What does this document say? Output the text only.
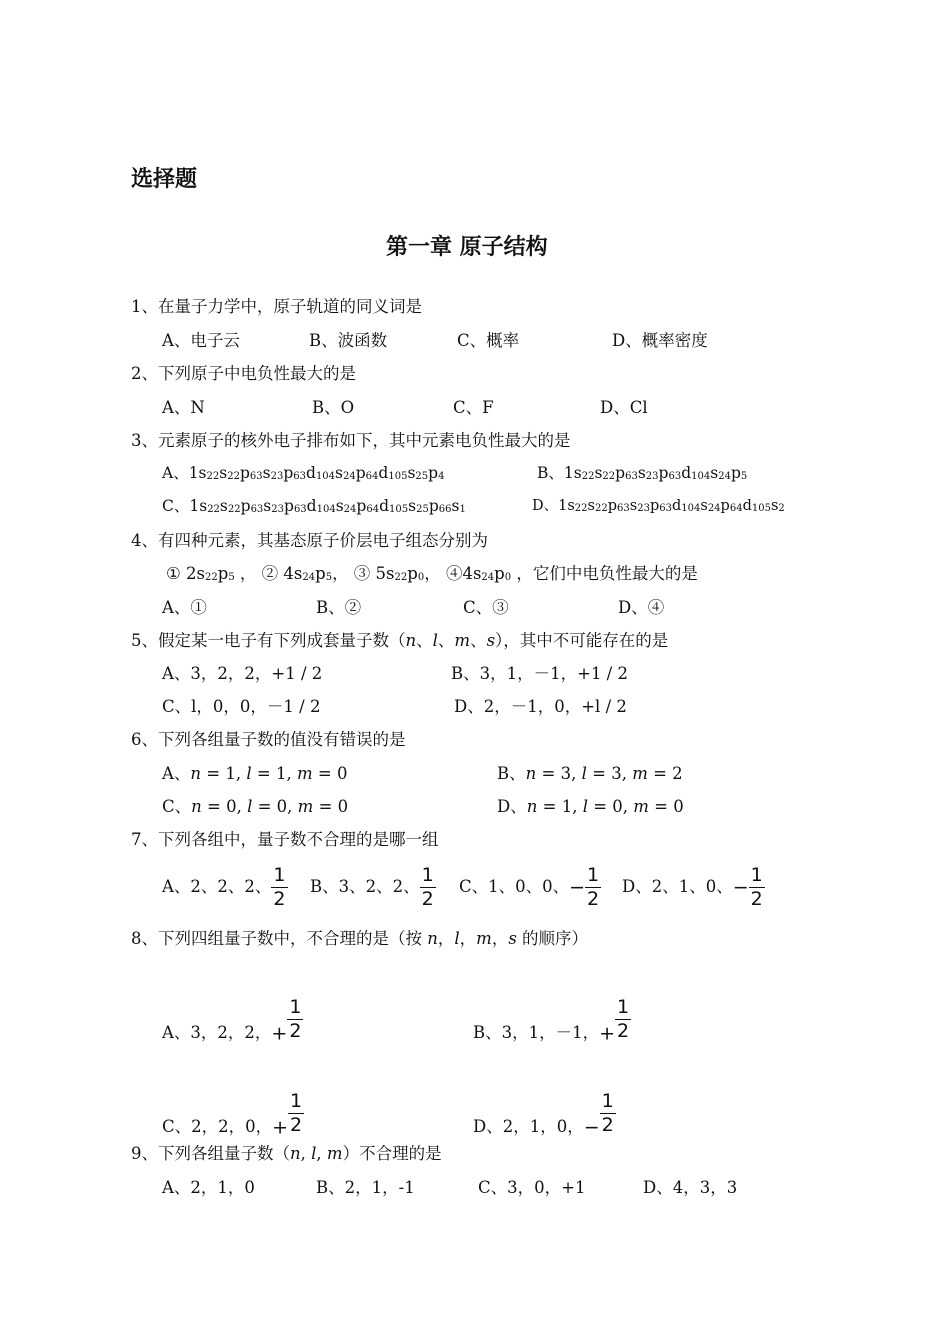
选择题
第一章 原子结构
1、在量子力学中，原子轨道的同义词是
A、电子云	B、波函数	C、概率	D、概率密度
2、下列原子中电负性最大的是
A、N	B、O	C、F	D、Cl
3、元素原子的核外电子排布如下，其中元素电负性最大的是
A、1s22s22p63s23p63d104s24p64d105s25p4	B、1s22s22p63s23p63d104s24p5
C、1s22s22p63s23p63d104s24p64d105s25p66s1	D、1s22s22p63s23p63d104s24p64d105s2
4、有四种元素，其基态原子价层电子组态分别为
① 2s22p5 ， ② 4s24p5， ③ 5s22p0， ④4s24p0 ，它们中电负性最大的是
A、①	B、②	C、③	D、④
5、假定某一电子有下列成套量子数（n、l、m、s），其中不可能存在的是
A、3，2，2，+1 / 2	B、3，1，－1，+1 / 2
C、l，0，0，－1 / 2	D、2，－1，0，+l / 2
6、下列各组量子数的值没有错误的是
A、n = 1, l = 1, m = 0	B、n = 3, l = 3, m = 2
C、n = 0, l = 0, m = 0	D、n = 1, l = 0, m = 0
7、下列各组中，量子数不合理的是哪一组
A、2、2、2、 $\frac{1}{2}$ B、3、2、2、 $\frac{1}{2}$ C、1、0、0、− $\frac{1}{2}$ D、2、1、0、− $\frac{1}{2}$
8、下列四组量子数中，不合理的是（按 n，l，m，s 的顺序）
A、3，2，2，+ $\frac{1}{2}$	B、3，1，－1，+ $\frac{1}{2}$
C、2，2，0，+ $\frac{1}{2}$	D、2，1，0，− $\frac{1}{2}$
9、下列各组量子数（n, l, m）不合理的是
A、2，1，0	B、2，1，-1	C、3，0，+1	D、4，3，3
